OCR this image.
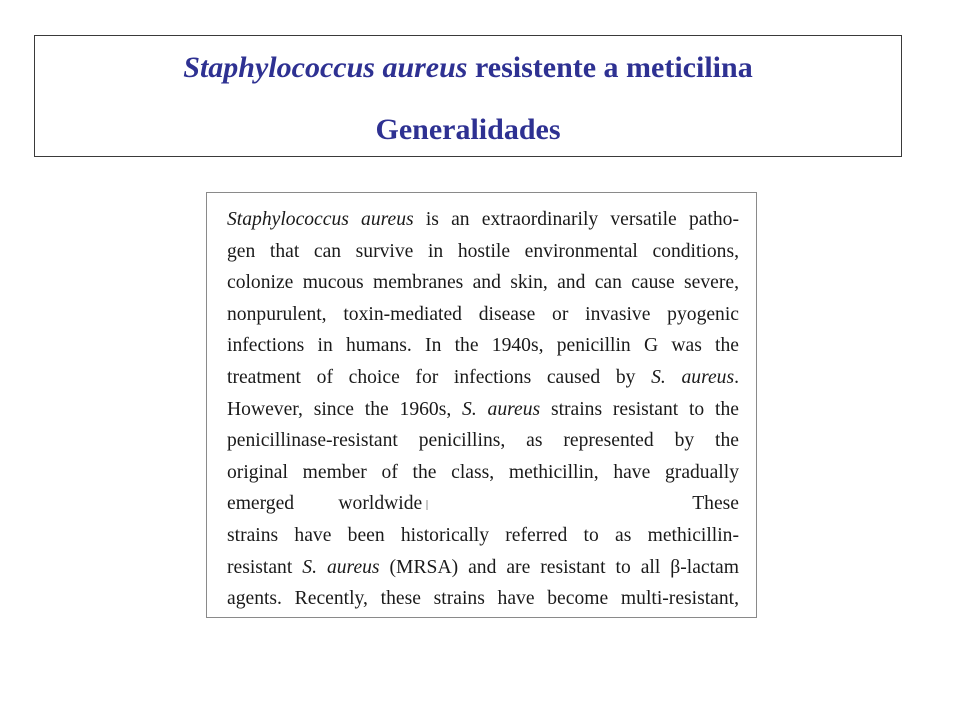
Staphylococcus aureus resistente a meticilina
Generalidades
Staphylococcus aureus is an extraordinarily versatile patho-
gen that can survive in hostile environmental conditions,
colonize mucous membranes and skin, and can cause severe,
nonpurulent, toxin-mediated disease or invasive pyogenic
infections in humans. In the 1940s, penicillin G was the
treatment of choice for infections caused by S. aureus.
However, since the 1960s, S. aureus strains resistant to the
penicillinase-resistant penicillins, as represented by the
original member of the class, methicillin, have gradually
emerged worldwide	These
strains have been historically referred to as methicillin-
resistant S. aureus (MRSA) and are resistant to all β-lactam
agents. Recently, these strains have become multi-resistant,
